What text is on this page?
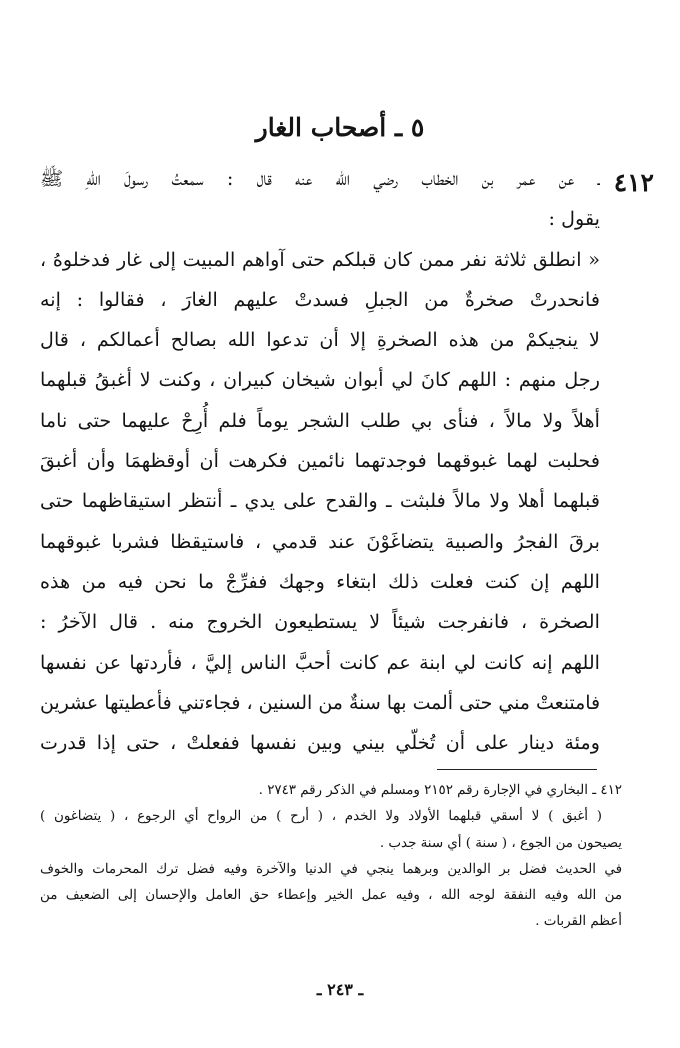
٥ ـ أصحاب الغار
٤١٢
ـ عن عمر بن الخطاب رضي الله عنه قال : سمعتُ رسولَ اللهِ ﷺ
يقول :
« انطلق ثلاثة نفر ممن كان قبلكم حتى آواهم المبيت إلى غار فدخلوهُ ،
فانحدرتْ صخرةٌ من الجبلِ فسدتْ عليهم الغارَ ، فقالوا : إنه
لا ينجيكمْ من هذه الصخرةِ إلا أن تدعوا الله بصالح أعمالكم ، قال
رجل منهم : اللهم كانَ لي أبوان شيخان كبيران ، وكنت لا أغبقُ قبلهما
أهلاً ولا مالاً ، فنأى بي طلب الشجر يوماً فلم أُرِحْ عليهما حتى ناما
فحلبت لهما غبوقهما فوجدتهما نائمين فكرهت أن أوقظهمَا وأن أغبقَ
قبلهما أهلا ولا مالاً فلبثت ـ والقدح على يدي ـ أنتظر استيقاظهما حتى
برقَ الفجرُ والصبية يتضاغَوْنَ عند قدمي ، فاستيقظا فشربا غبوقهما
اللهم إن كنت فعلت ذلك ابتغاء وجهك ففرِّجْ ما نحن فيه من هذه
الصخرة ، فانفرجت شيئاً لا يستطيعون الخروج منه . قال الآخرُ :
اللهم إنه كانت لي ابنة عم كانت أحبَّ الناس إليَّ ، فأردتها عن نفسها
فامتنعتْ مني حتى ألمت بها سنةٌ من السنين ، فجاءتني فأعطيتها عشرين
ومئة دينار على أن تُخلّي بيني وبين نفسها ففعلتْ ، حتى إذا قدرت
٤١٢ ـ البخاري في الإجارة رقم ٢١٥٢ ومسلم في الذكر رقم ٢٧٤٣ .
( أغبق ) لا أسقي قبلهما الأولاد ولا الخدم ، ( أرح ) من الرواح أي الرجوع ، ( يتضاغون )
يصيحون من الجوع ، ( سنة ) أي سنة جدب .
في الحديث فضل بر الوالدين وبرهما ينجي في الدنيا والآخرة وفيه فضل ترك المحرمات والخوف
من الله وفيه النفقة لوجه الله ، وفيه عمل الخير وإعطاء حق العامل والإحسان إلى الضعيف من
أعظم القربات .
ـ ٢٤٣ ـ
